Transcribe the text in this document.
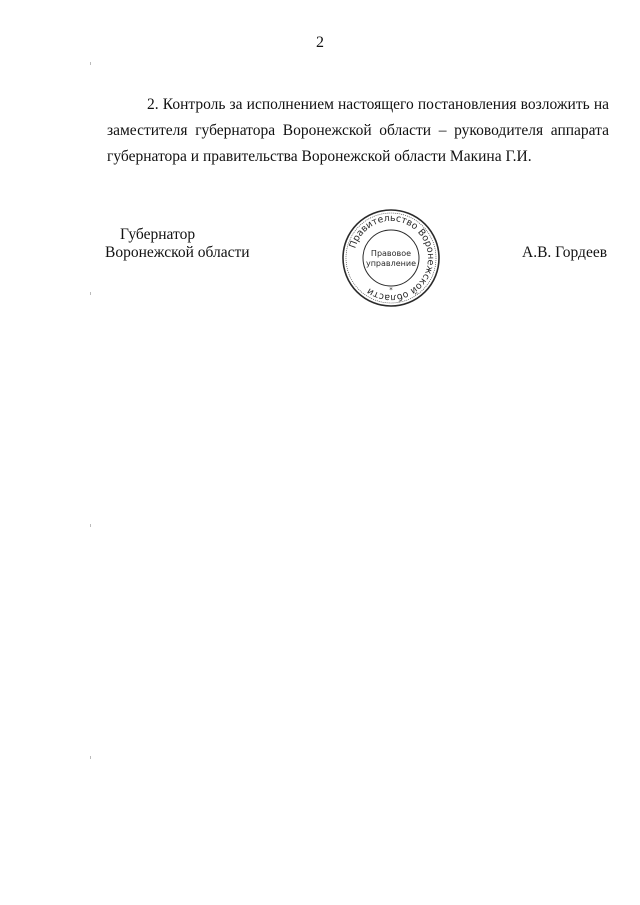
2

2. Контроль за исполнением настоящего постановления возложить на заместителя губернатора Воронежской области – руководителя аппарата губернатора и правительства Воронежской области Макина Г.И.

Губернатор
Воронежской области	А.В. Гордеев
Правительство Воронежской области
Правовое
управление
*
